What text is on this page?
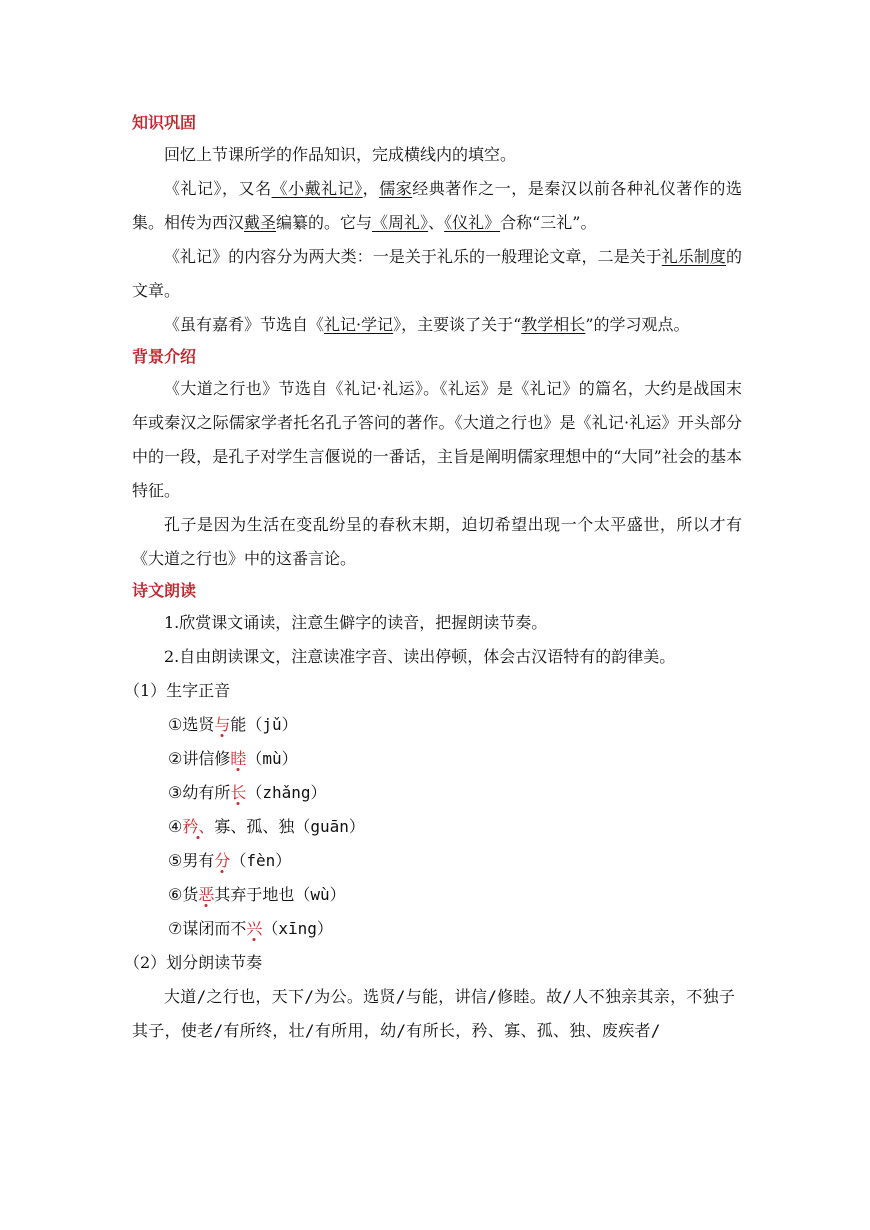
知识巩固

回忆上节课所学的作品知识，完成横线内的填空。

《礼记》，又名《小戴礼记》，儒家经典著作之一，是秦汉以前各种礼仪著作的选集。相传为西汉戴圣编纂的。它与《周礼》、《仪礼》合称“三礼”。

《礼记》的内容分为两大类：一是关于礼乐的一般理论文章，二是关于礼乐制度的文章。

《虽有嘉肴》节选自《礼记·学记》，主要谈了关于“教学相长”的学习观点。

背景介绍

《大道之行也》节选自《礼记·礼运》。《礼运》是《礼记》的篇名，大约是战国末年或秦汉之际儒家学者托名孔子答问的著作。《大道之行也》是《礼记·礼运》开头部分中的一段，是孔子对学生言偃说的一番话，主旨是阐明儒家理想中的“大同”社会的基本特征。

孔子是因为生活在变乱纷呈的春秋末期，迫切希望出现一个太平盛世，所以才有《大道之行也》中的这番言论。

诗文朗读

1.欣赏课文诵读，注意生僻字的读音，把握朗读节奏。

2.自由朗读课文，注意读准字音、读出停顿，体会古汉语特有的韵律美。

（1）生字正音

①选贤与能（jǔ）

②讲信修睦（mù）

③幼有所长（zhǎng）

④矜、寡、孤、独（guān）

⑤男有分（fèn）

⑥货恶其弃于地也（wù）

⑦谋闭而不兴（xīng）

（2）划分朗读节奏

大道/之行也，天下/为公。选贤/与能，讲信/修睦。故/人不独亲其亲，不独子其子，使老/有所终，壮/有所用，幼/有所长，矜、寡、孤、独、废疾者/
